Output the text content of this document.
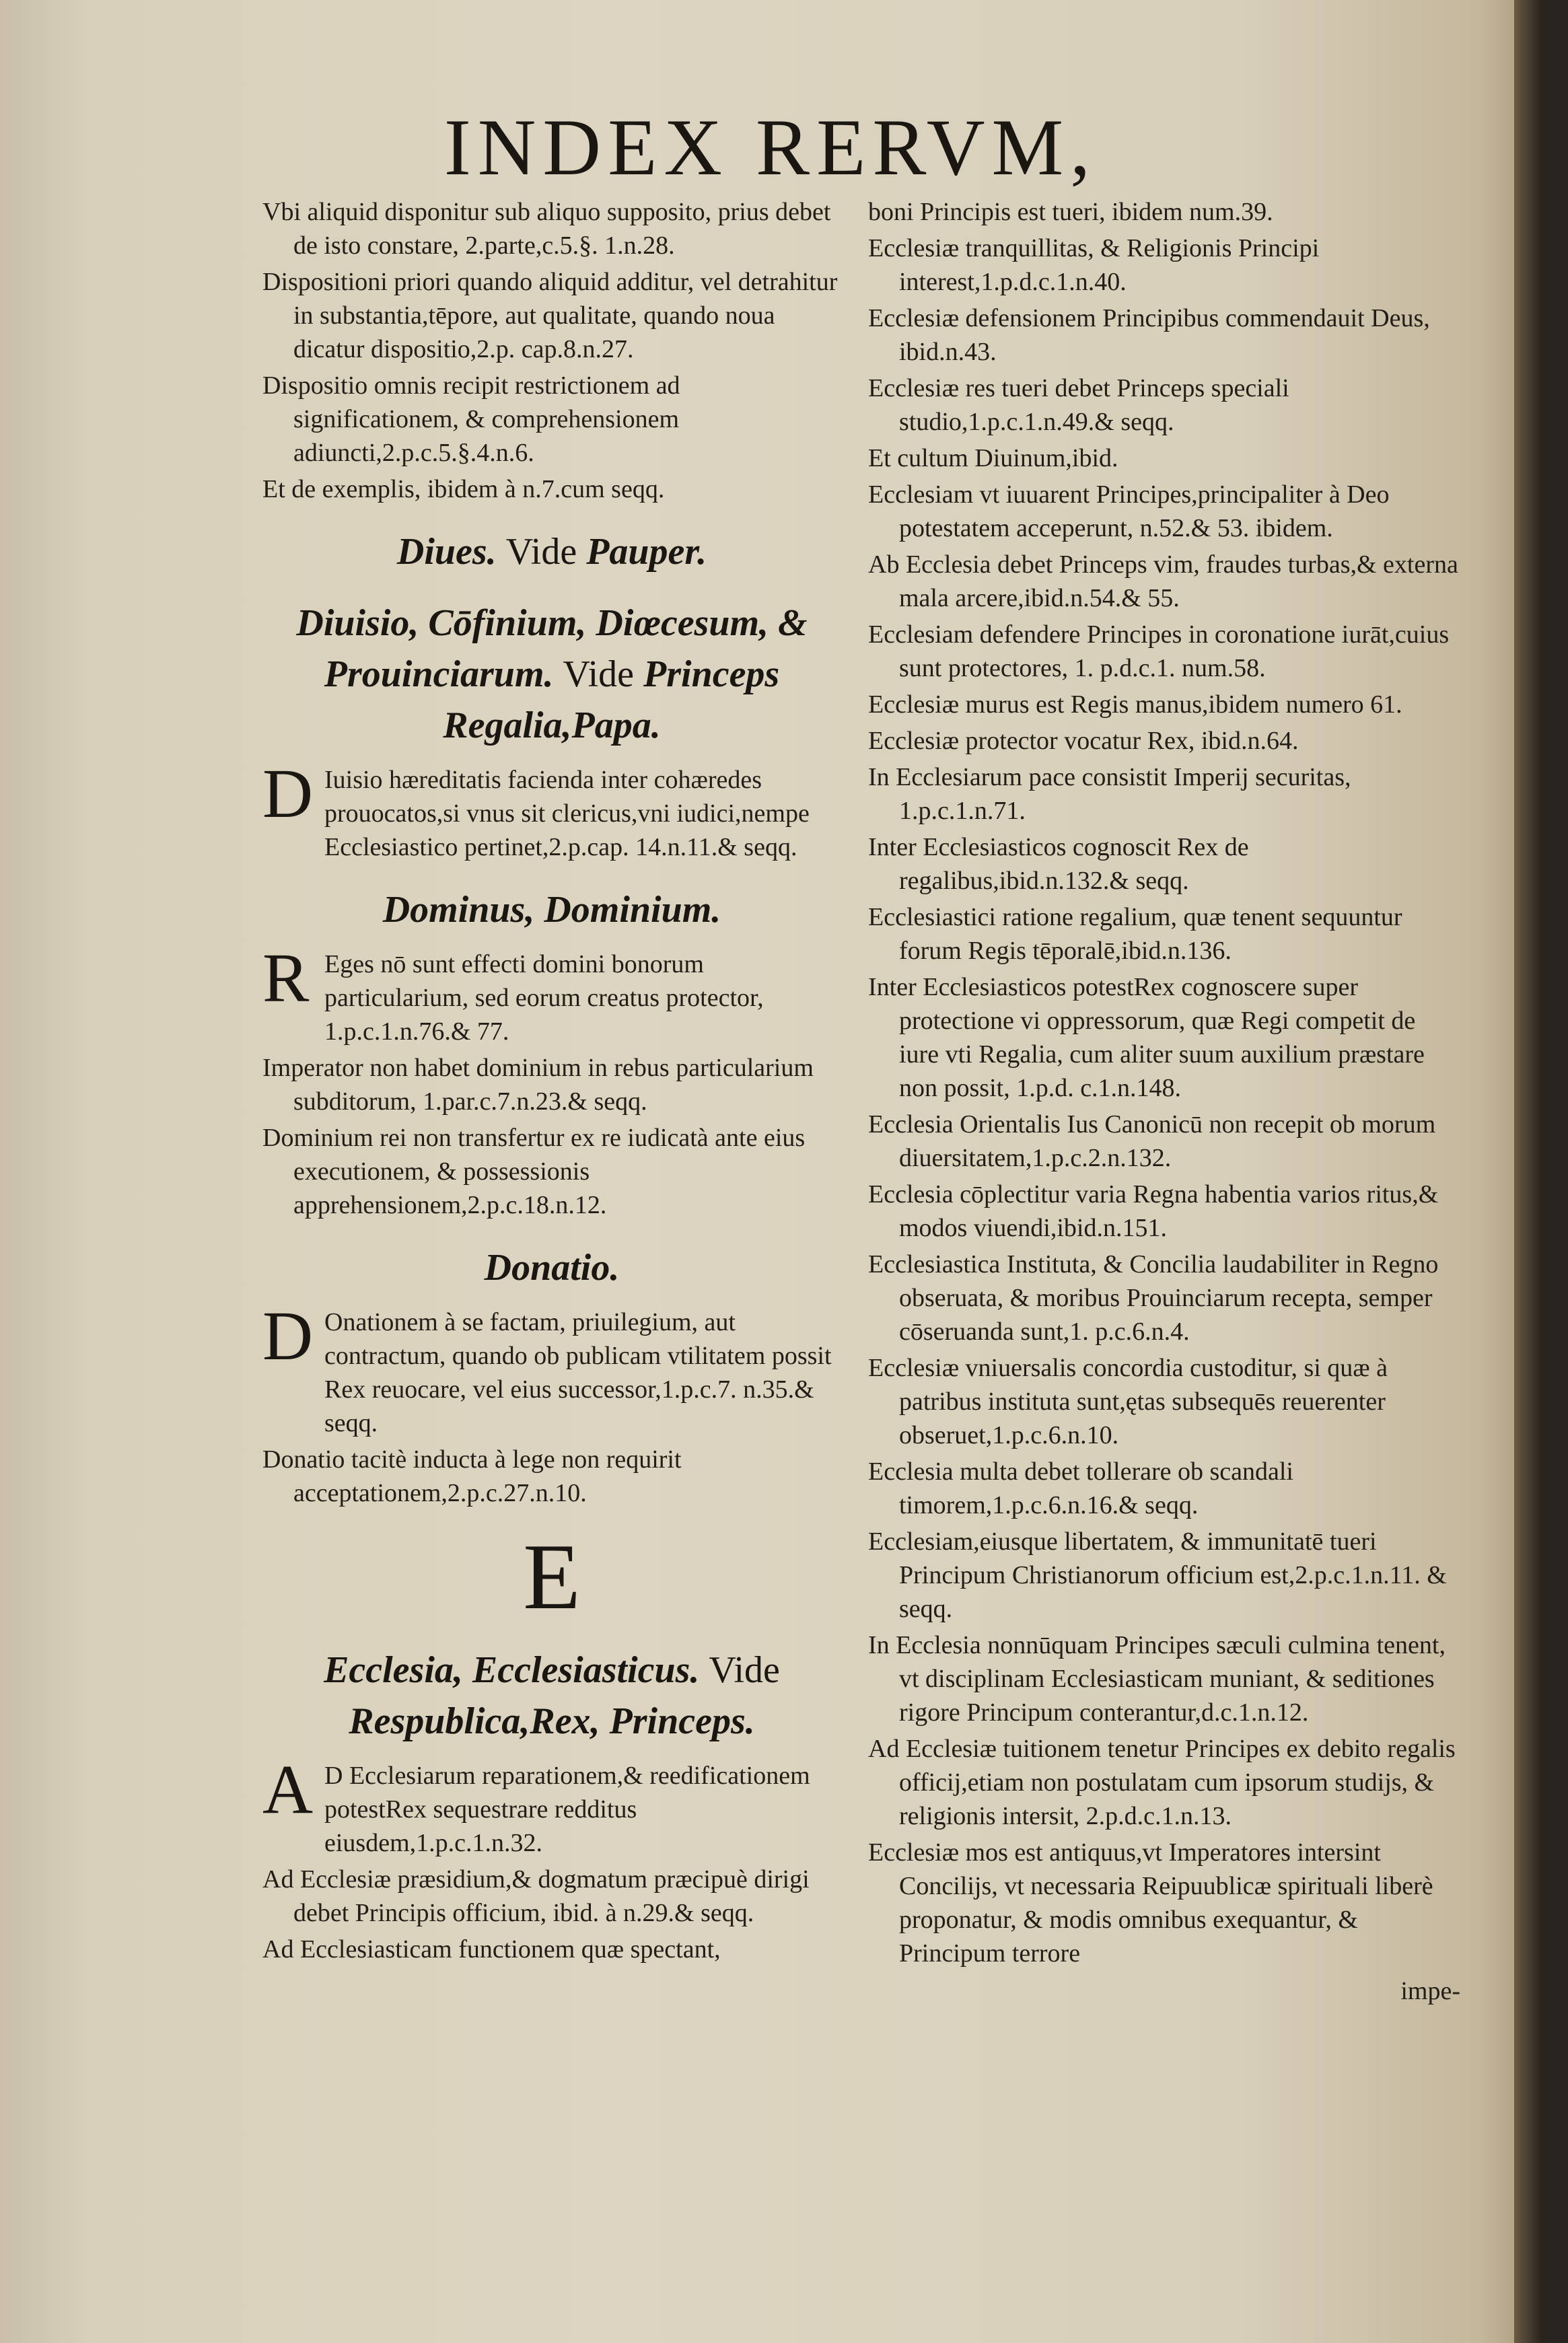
INDEX RERVM,
Vbi aliquid disponitur sub aliquo supposito, prius debet de isto constare, 2.parte,c.5.§. 1.n.28.
Dispositioni priori quando aliquid additur, vel detrahitur in substantia,tēpore, aut qualitate, quando noua dicatur dispositio,2.p. cap.8.n.27.
Dispositio omnis recipit restrictionem ad significationem, & comprehensionem adiuncti,2.p.c.5.§.4.n.6.
Et de exemplis, ibidem à n.7.cum seqq.
Diues. Vide Pauper.
Diuisio, Cōfinium, Diœcesum, & Prouinciarum. Vide Princeps Regalia,Papa.
D Iuisio hæreditatis facienda inter cohæredes prouocatos,si vnus sit clericus,vni iudici,nempe Ecclesiastico pertinet,2.p.cap. 14.n.11.& seqq.
Dominus, Dominium.
R Eges nō sunt effecti domini bonorum particularium, sed eorum creatus protector, 1.p.c.1.n.76.& 77.
Imperator non habet dominium in rebus particularium subditorum, 1.par.c.7.n.23.& seqq.
Dominium rei non transfertur ex re iudicatà ante eius executionem, & possessionis apprehensionem,2.p.c.18.n.12.
Donatio.
D Onationem à se factam, priuilegium, aut contractum, quando ob publicam vtilitatem possit Rex reuocare, vel eius successor,1.p.c.7. n.35.& seqq.
Donatio tacitè inducta à lege non requirit acceptationem,2.p.c.27.n.10.
E
Ecclesia, Ecclesiasticus. Vide Respublica,Rex, Princeps.
A D Ecclesiarum reparationem,& reedificationem potestRex sequestrare redditus eiusdem,1.p.c.1.n.32.
Ad Ecclesiæ præsidium,& dogmatum præcipuè dirigi debet Principis officium, ibid. à n.29.& seqq.
Ad Ecclesiasticam functionem quæ spectant,
boni Principis est tueri, ibidem num.39.
Ecclesiæ tranquillitas, & Religionis Principi interest,1.p.d.c.1.n.40.
Ecclesiæ defensionem Principibus commendauit Deus, ibid.n.43.
Ecclesiæ res tueri debet Princeps speciali studio,1.p.c.1.n.49.& seqq.
Et cultum Diuinum,ibid.
Ecclesiam vt iuuarent Principes,principaliter à Deo potestatem acceperunt, n.52.& 53. ibidem.
Ab Ecclesia debet Princeps vim, fraudes turbas,& externa mala arcere,ibid.n.54.& 55.
Ecclesiam defendere Principes in coronatione iurāt,cuius sunt protectores, 1. p.d.c.1. num.58.
Ecclesiæ murus est Regis manus,ibidem numero 61.
Ecclesiæ protector vocatur Rex, ibid.n.64.
In Ecclesiarum pace consistit Imperij securitas, 1.p.c.1.n.71.
Inter Ecclesiasticos cognoscit Rex de regalibus,ibid.n.132.& seqq.
Ecclesiastici ratione regalium, quæ tenent sequuntur forum Regis tēporalē,ibid.n.136.
Inter Ecclesiasticos potestRex cognoscere super protectione vi oppressorum, quæ Regi competit de iure vti Regalia, cum aliter suum auxilium præstare non possit, 1.p.d. c.1.n.148.
Ecclesia Orientalis Ius Canonicū non recepit ob morum diuersitatem,1.p.c.2.n.132.
Ecclesia cōplectitur varia Regna habentia varios ritus,& modos viuendi,ibid.n.151.
Ecclesiastica Instituta, & Concilia laudabiliter in Regno obseruata, & moribus Prouinciarum recepta, semper cōseruanda sunt,1. p.c.6.n.4.
Ecclesiæ vniuersalis concordia custoditur, si quæ à patribus instituta sunt,ętas subsequēs reuerenter obseruet,1.p.c.6.n.10.
Ecclesia multa debet tollerare ob scandali timorem,1.p.c.6.n.16.& seqq.
Ecclesiam,eiusque libertatem, & immunitatē tueri Principum Christianorum officium est,2.p.c.1.n.11. & seqq.
In Ecclesia nonnūquam Principes sæculi culmina tenent, vt disciplinam Ecclesiasticam muniant, & seditiones rigore Principum conterantur,d.c.1.n.12.
Ad Ecclesiæ tuitionem tenetur Principes ex debito regalis officij,etiam non postulatam cum ipsorum studijs, & religionis intersit, 2.p.d.c.1.n.13.
Ecclesiæ mos est antiquus,vt Imperatores intersint Concilijs, vt necessaria Reipuublicæ spirituali liberè proponatur, & modis omnibus exequantur, & Principum terrore
impe-
